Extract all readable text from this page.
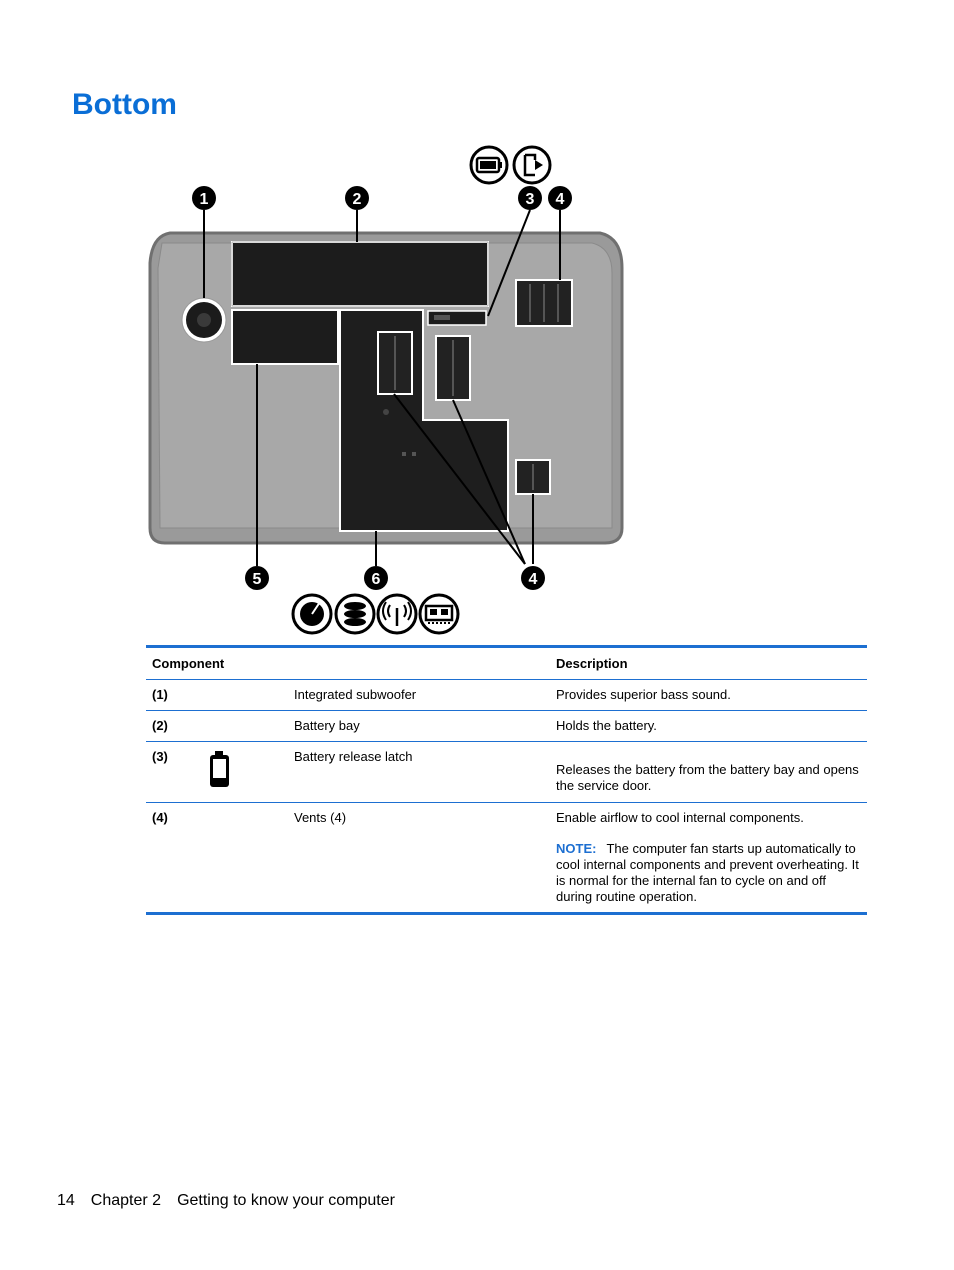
Bottom
1	2	3 4
4
5	6
Component			Description
(1)		Integrated subwoofer	Provides superior bass sound.
(2)		Battery bay	Holds the battery.
(3)		Battery release latch	Releases the battery from the battery bay and opens the service door.

(4)		Vents (4)	Enable airflow to cool internal components.

NOTE: The computer fan starts up automatically to cool internal components and prevent overheating. It is normal for the internal fan to cycle on and off during routine operation.

14 Chapter 2 Getting to know your computer
